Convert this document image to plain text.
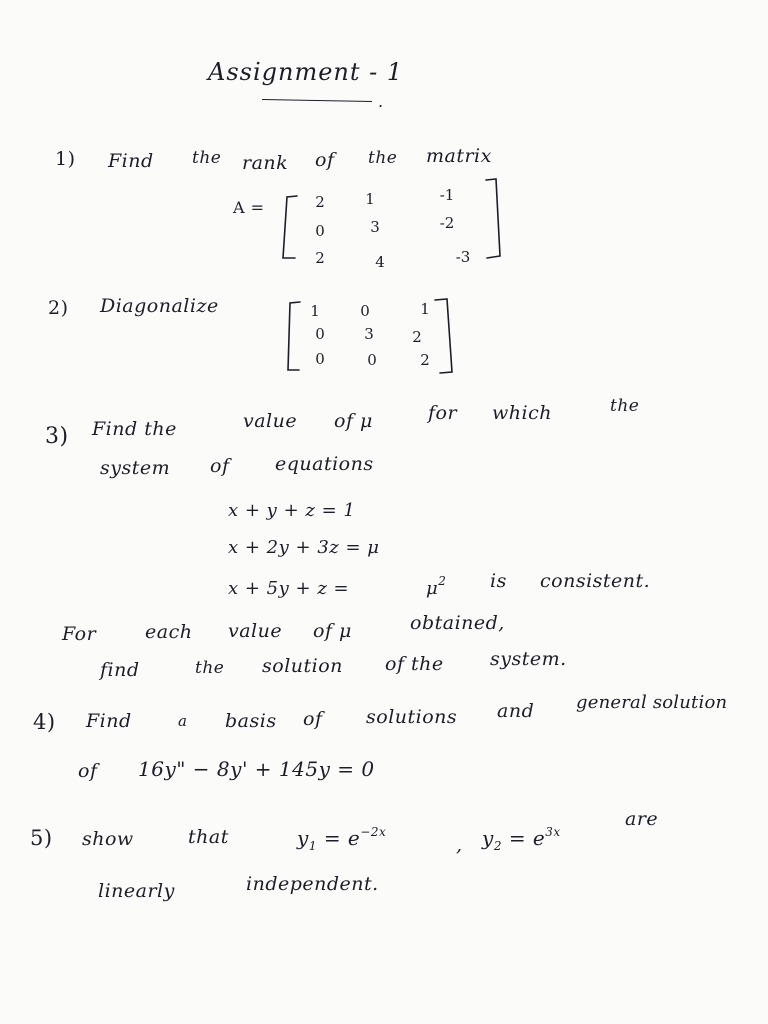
Assignment - 1
.
1) Find the rank of the matrix
A =	2	1	-1
0	3	-2
2	4	-3
2) Diagonalize	1	0	1
0	3	2
0	0	2
3) Find the	value of μ	for which	the
system of equations
x + y + z = 1
x + 2y + 3z = μ
x + 5y + z =	$\mu^2$ is consistent.
For	each value of μ	obtained,
find	the solution of the system.
4) Find	a basis of solutions and general solution
of 16y" − 8y' + 145y = 0
5) show	that	$y_1 = e^{-2x}$
, $y_2 = e^{3x}$
are
linearly	independent.
